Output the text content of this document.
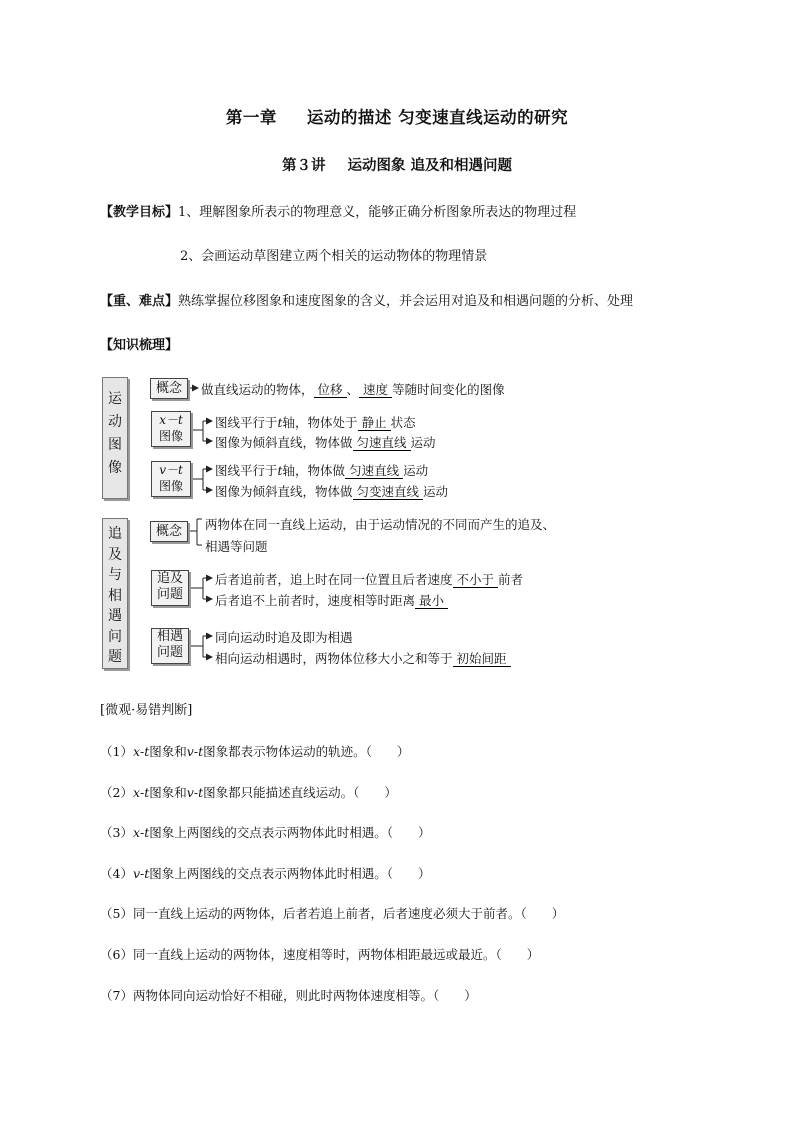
第一章 运动的描述 匀变速直线运动的研究
第３讲 运动图象 追及和相遇问题
【教学目标】1、理解图象所表示的物理意义，能够正确分析图象所表达的物理过程
2、会画运动草图建立两个相关的运动物体的物理情景
【重、难点】熟练掌握位移图象和速度图象的含义，并会运用对追及和相遇问题的分析、处理
【知识梳理】
运
动
图
像
概念
x－t
图像
v－t
图像
做直线运动的物体， 位移 、 速度 等随时间变化的图像
图线平行于t轴，物体处于 静止 状态
图像为倾斜直线，物体做 匀速直线 运动
图线平行于t轴，物体做 匀速直线 运动
图像为倾斜直线，物体做 匀变速直线 运动
追
及
与
相
遇
问
题
概念
追及
问题
相遇
问题
两物体在同一直线上运动，由于运动情况的不同而产生的追及、
相遇等问题
后者追前者，追上时在同一位置且后者速度 不小于 前者
后者追不上前者时，速度相等时距离 最小
同向运动时追及即为相遇
相向运动相遇时，两物体位移大小之和等于 初始间距
[微观·易错判断]
（1）x-t图象和v-t图象都表示物体运动的轨迹。（　　）
（2）x-t图象和v-t图象都只能描述直线运动。（　　）
（3）x-t图象上两图线的交点表示两物体此时相遇。（　　）
（4）v-t图象上两图线的交点表示两物体此时相遇。（　　）
（5）同一直线上运动的两物体，后者若追上前者，后者速度必须大于前者。（　　）
（6）同一直线上运动的两物体，速度相等时，两物体相距最远或最近。（　　）
（7）两物体同向运动恰好不相碰，则此时两物体速度相等。（　　）
